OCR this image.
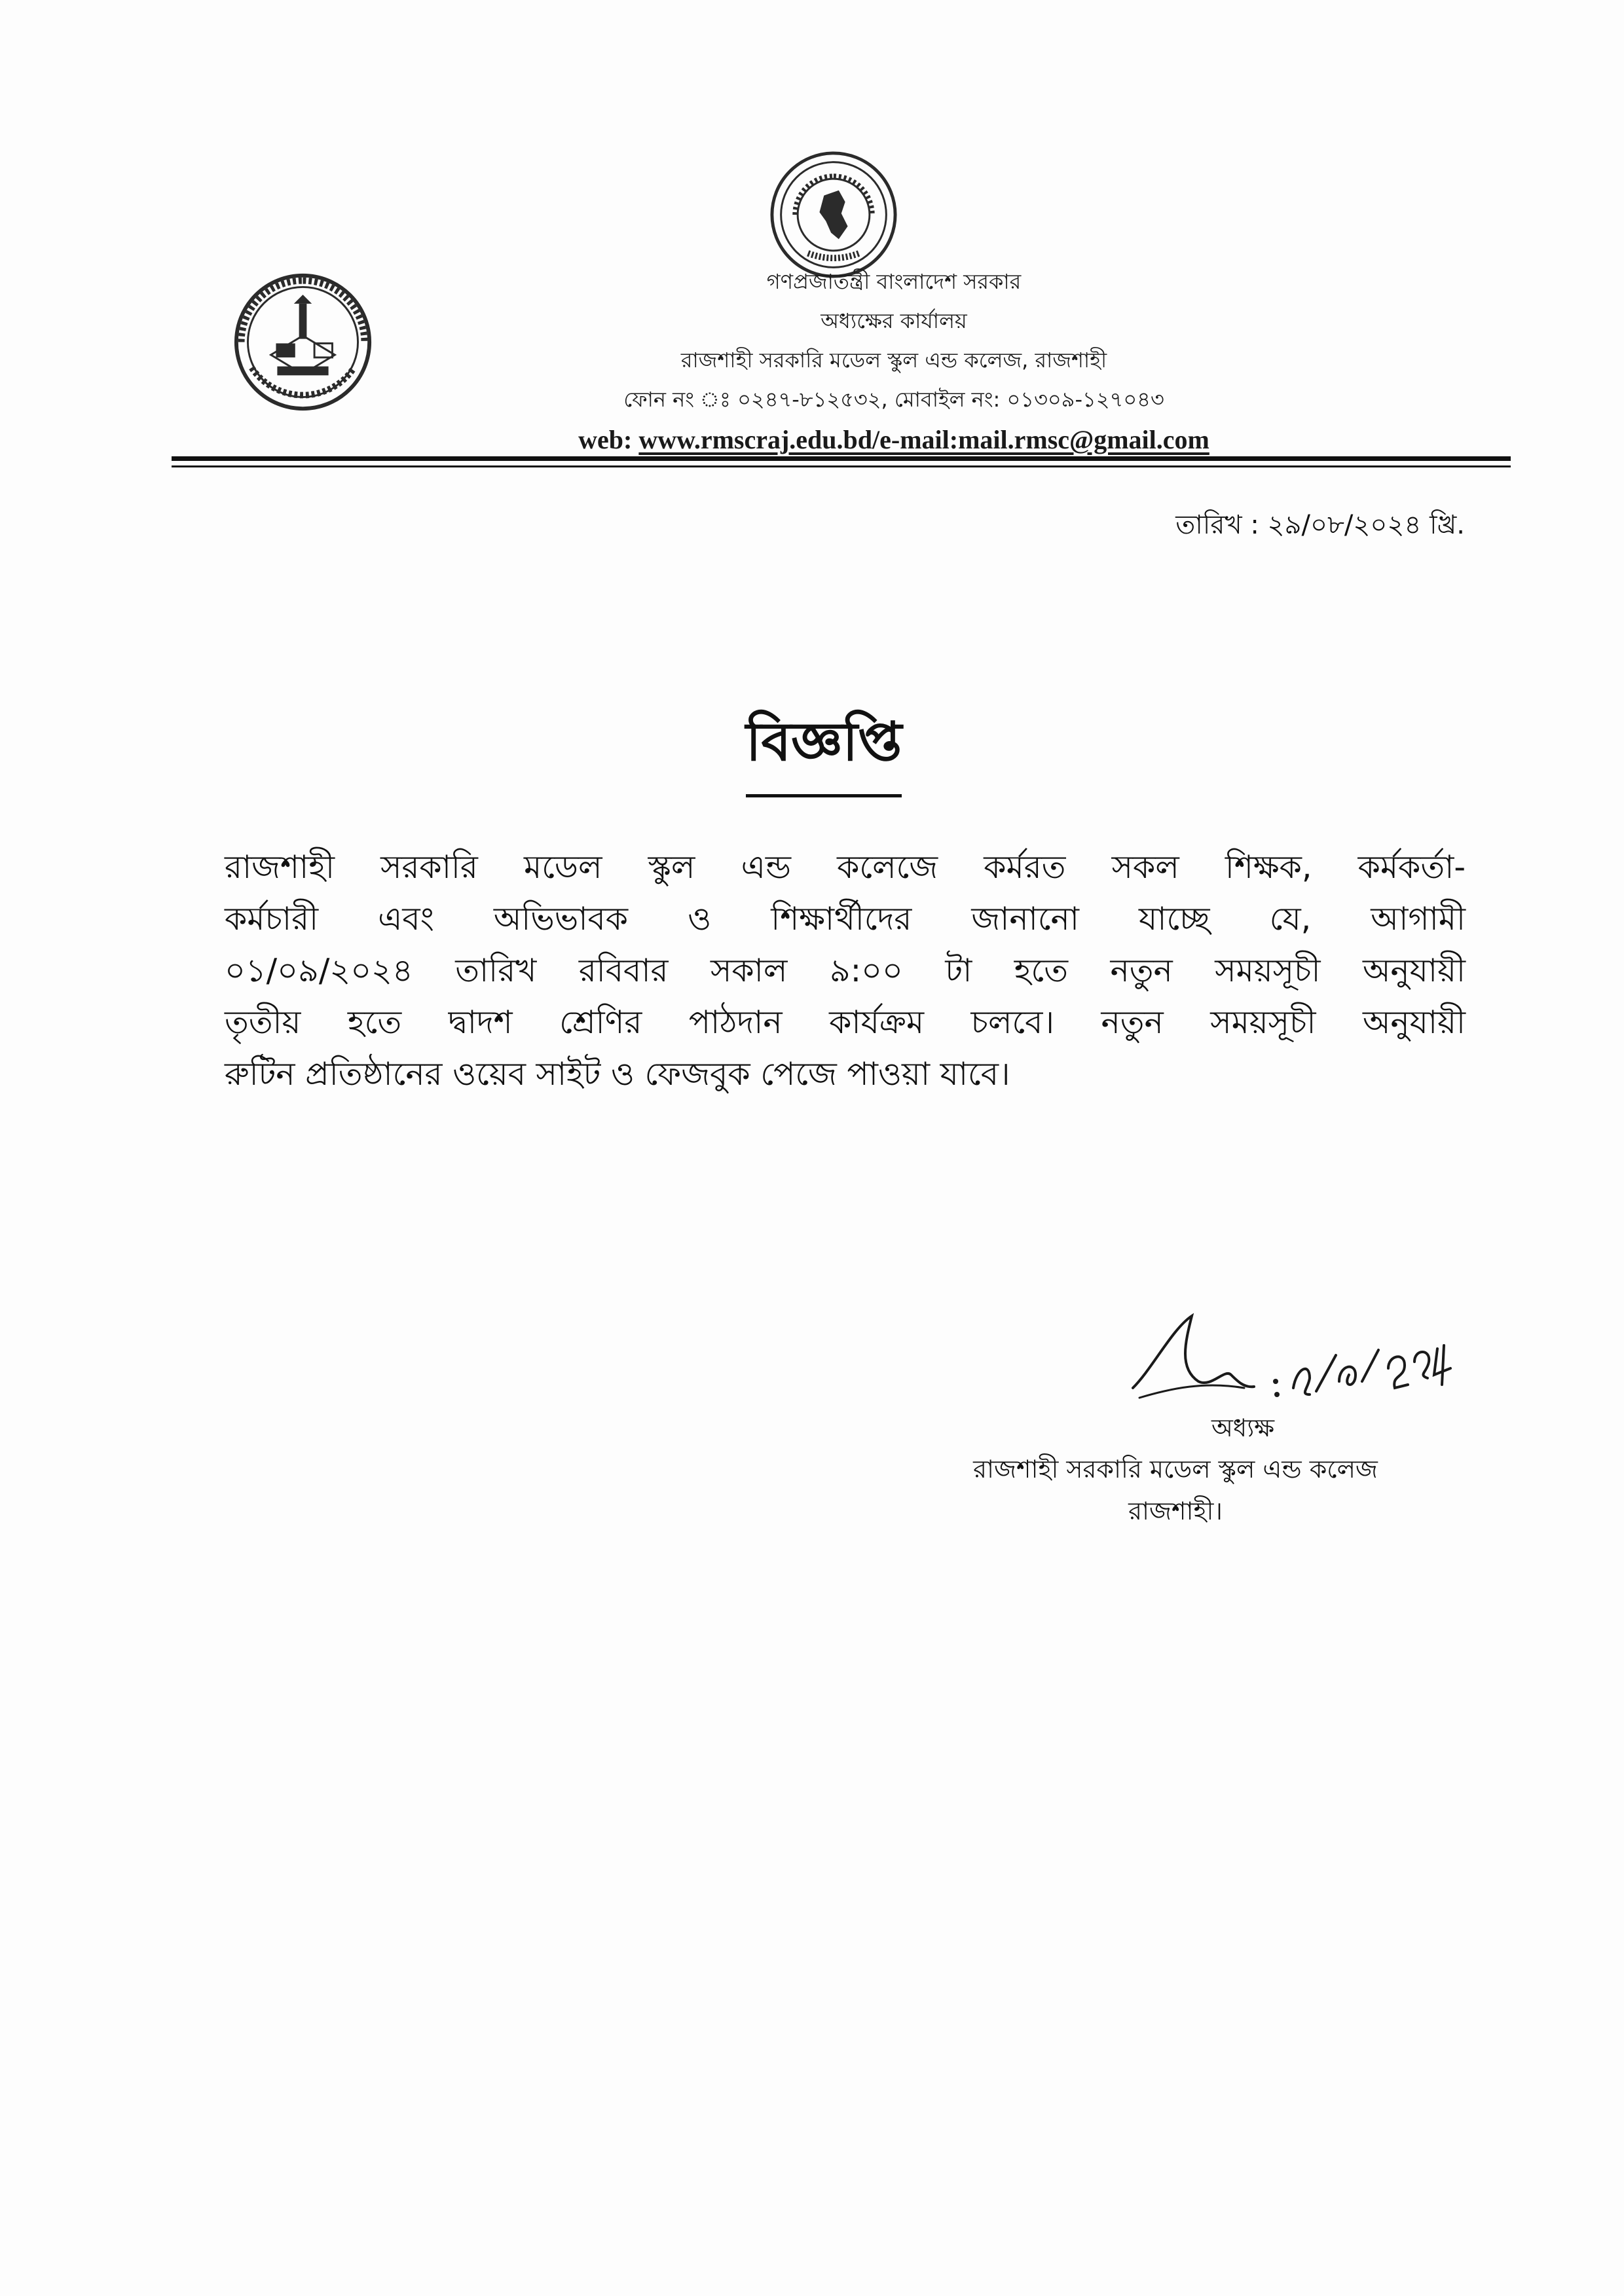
গণপ্রজাতন্ত্রী বাংলাদেশ সরকার
অধ্যক্ষের কার্যালয়
রাজশাহী সরকারি মডেল স্কুল এন্ড কলেজ, রাজশাহী
ফোন নং ঃ ০২৪৭-৮১২৫৩২, মোবাইল নং: ০১৩০৯-১২৭০৪৩
web: www.rmscraj.edu.bd/e-mail:mail.rmsc@gmail.com
তারিখ : ২৯/০৮/২০২৪ খ্রি.
বিজ্ঞপ্তি
রাজশাহী সরকারি মডেল স্কুল এন্ড কলেজে কর্মরত সকল শিক্ষক, কর্মকর্তা-
কর্মচারী এবং অভিভাবক ও শিক্ষার্থীদের জানানো যাচ্ছে যে, আগামী
০১/০৯/২০২৪ তারিখ রবিবার সকাল ৯:০০ টা হতে নতুন সময়সূচী অনুযায়ী
তৃতীয় হতে দ্বাদশ শ্রেণির পাঠদান কার্যক্রম চলবে। নতুন সময়সূচী অনুযায়ী
রুটিন প্রতিষ্ঠানের ওয়েব সাইট ও ফেজবুক পেজে পাওয়া যাবে।
অধ্যক্ষ
রাজশাহী সরকারি মডেল স্কুল এন্ড কলেজ
রাজশাহী।
